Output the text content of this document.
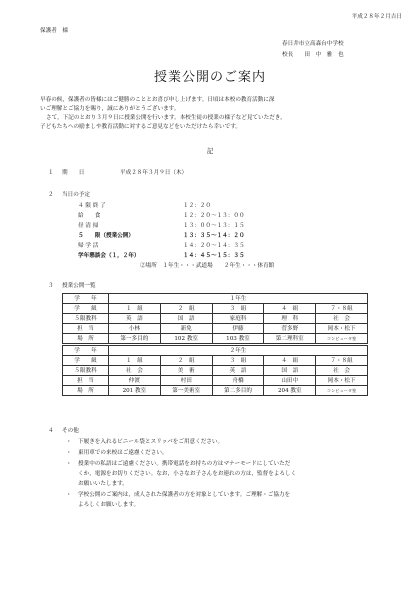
平成２８年２月吉日
保護者　様
春日井市立高森台中学校
校長　　田　中　雅　也
授業公開のご案内
早春の候，保護者の皆様にはご健勝のこととお喜び申し上げます。日頃は本校の教育活動に深
いご理解とご協力を賜り，誠にありがとうございます。
さて，下記のとおり３月９日に授業公開を行います。本校生徒の授業の様子など見ていただき，
子どもたちへの励ましや教育活動に対するご意見などをいただけたら幸いです。
記
１ 期　　日	平成２８年３月９日（木）
２ 当日の予定
４ 限 終 了	１２：２０
給　　食	１２：２０～１３：００
昼 清 掃	１３：００～１３：１５
５　　限（授業公開）	１３：３５～１４：２０
帰 学 活	１４：２０～１４：３５
学年懇談会（１，２年）	１４：４５～１５：３５
②場所　１年生・・・武道場　　２年生・・・体育館
３ 授業公開一覧
学　　年	１年生				
学　　級	１　組	２　組	３　組	４　組	７・８組
５限教科	英　語	国　語	家庭科	理　科	社　会
担　当	小林	新免	伊藤	菅多野	岡本・松下
場　所	第一多目的	102 教室	103 教室	第二理科室	コンピュータ室
学　　年	２年生				
学　　級	１　組	２　組	３　組	４　組	７・８組
５限教科	社　会	美　術	英　語	国　語	社　会
担　当	仲渡	村田	舟橋	山田中	岡本・松下
場　所	201 教室	第一美術室	第二多目的	204 教室	コンピュータ室
４ その他
・ 下履きを入れるビニール袋とスリッパをご用意ください。
・ 東用車での来校はご遠慮ください。
・ 授業中の私語はご遠慮ください。携帯電話をお持ちの方はマナーモードにしていただ
くか，電源をお切りください。なお，小さなお子さんをお連れの方は，監督をよろしく
お願いいたします。
・ 学校公開のご案内は，成人された保護者の方を対象としています。ご理解・ご協力を
よろしくお願いします。
